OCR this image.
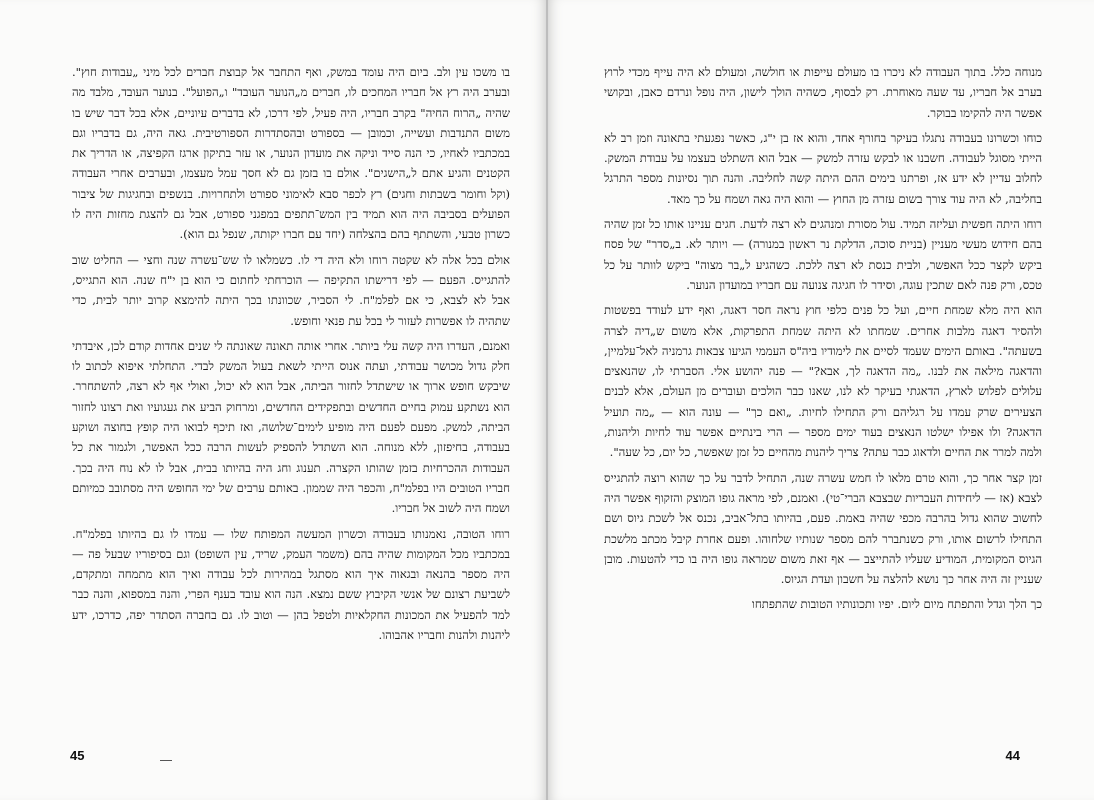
בו משכו עין ולב. ביום היה עומד במשק, ואף התחבר אל קבוצת חברים לכל מיני „עבודות חוץ". ובערב היה רץ אל חבריו המחכים לו, חברים מ„הנוער העובד" ו„הפועל". בנוער העובד, מלבד מה שהיה „הרוח החיה" בקרב חבריו, היה פעיל, לפי דרכו, לא בדברים עיוניים, אלא בכל דבר שיש בו משום התנדבות ועשייה, וכמובן — בספורט ובהסתדרות הספורטיבית. גאה היה, גם בדבריו וגם במכתביו לאחיו, כי הנה סייד וניקה את מועדון הנוער, או עזר בתיקון ארגז הקפיצה, או הדריך את הקטנים והגיע אתם ל„הישגים". אולם בו בזמן גם לא חסך עמל מעצמו, ובערבים אחרי העבודה (וקל וחומר בשבתות וחגים) רץ לכפר סבא לאימוני ספורט ולתחרויות. בנשפים ובחגיגות של ציבור הפועלים בסביבה היה הוא תמיד בין המש־תתפים במפגני ספורט, אבל גם להצגת מחזות היה לו כשרון טבעי, והשתתף בהם בהצלחה (יחד עם חברו יקותה, שנפל גם הוא).

אולם בכל אלה לא שקטה רוחו ולא היה די לו. כשמלאו לו שש־עשרה שנה וחצי — החליט שוב להתגייס. הפעם — לפי דרישתו התקיפה — הוכרחתי לחתום כי הוא בן י"ח שנה. הוא התגייס, אבל לא לצבא, כי אם לפלמ"ח. לי הסביר, שכוונתו בכך היתה להימצא קרוב יותר לבית, כדי שתהיה לו אפשרות לעזור לי בכל עת פנאי וחופש.

ואמנם, העדרו היה קשה עלי ביותר. אחרי אותה תאונה שאונתה לי שנים אחדות קודם לכן, איבדתי חלק גדול מכושר עבודתי, ועתה אנוס הייתי לשאת בעול המשק לבדי. התחלתי איפוא לכתוב לו שיבקש חופש ארוך או שישתדל לחזור הביתה, אבל הוא לא יכול, ואולי אף לא רצה, להשתחרר. הוא נשתקע עמוק בחיים החדשים ובתפקידים החדשים, ומרחוק הביע את געגועיו ואת רצונו לחזור הביתה, למשק. מפעם לפעם היה מופיע לימים־שלושה, ואז תיכף לבואו היה קופץ בחוצה ושוקע בעבודה, בחיפזון, ללא מנוחה. הוא השתדל להספיק לעשות הרבה ככל האפשר, ולגמור את כל העבודות ההכרחיות בזמן שהותו הקצרה. תענוג וחג היה בהיותו בבית, אבל לו לא נוח היה בכך. חבריו הטובים היו בפלמ"ח, והכפר היה שממון. באותם ערבים של ימי החופש היה מסתובב כמיותם ושמח היה לשוב אל חבריו.

רוחו הטובה, נאמנותו בעבודה וכשרון המעשה המפותח שלו — עמדו לו גם בהיותו בפלמ"ח. במכתביו מכל המקומות שהיה בהם (משמר העמק, שריד, עין השופט) וגם בסיפוריו שבעל פה — היה מספר בהנאה ובגאוה איך הוא מסתגל במהירות לכל עבודה ואיך הוא מתמחה ומתקדם, לשביעת רצונם של אנשי הקיבוץ ששם נמצא. הנה הוא עובד בענף הפרי, והנה במספוא, והנה כבר למד להפעיל את המכונות החקלאיות ולטפל בהן — וטוב לו. גם בחברה הסתדר יפה, כדרכו, ידע ליהנות ולהנות וחבריו אהבוהו.

45

מנוחה כלל. בתוך העבודה לא ניכרו בו מעולם עייפות או חולשה, ומעולם לא היה עייף מכדי לרוץ בערב אל חבריו, עד שעה מאוחרת. רק לבסוף, כשהיה הולך לישון, היה נופל ונרדם כאבן, ובקושי אפשר היה להקימו בבוקר.

כוחו וכשרונו בעבודה נתגלו בעיקר בחורף אחד, והוא אז בן י"ג, כאשר נפגעתי בתאונה וזמן רב לא הייתי מסוגל לעבודה. חשבנו או לבקש עזרה למשק — אבל הוא השתלט בעצמו על עבודת המשק. לחלוב עדיין לא ידע אז, ופרתנו בימים ההם היתה קשה לחליבה. והנה תוך נסיונות מספר התרגל בחליבה, לא היה עוד צורך בשום עזרה מן החוץ — והוא היה גאה ושמח על כך מאד.

רוחו היתה חפשית ועליזה תמיד. עול מסורת ומנהגים לא רצה לדעת. חגים עניינו אותו כל זמן שהיה בהם חידוש מעשי מעניין (בניית סוכה, הדלקת נר ראשון במנורה) — ויותר לא. ב„סדר" של פסח ביקש לקצר ככל האפשר, ולבית כנסת לא רצה ללכת. כשהגיע ל„בר מצוה" ביקש לוותר על כל טכס, ורק פנה לאם שתכין עוגה, וסידר לו חגיגה צנועה עם חבריו במועדון הנוער.

הוא היה מלא שמחת חיים, ועל כל פנים כלפי חוץ נראה חסר דאגה, ואף ידע לעודד בפשטות ולהסיר דאגה מלבות אחרים. שמחתו לא היתה שמחת התפרקות, אלא משום ש„דיה לצרה בשעתה". באותם הימים שעמד לסיים את לימודיו ביה"ס העממי הגיעו צבאות גרמניה לאל־עלמיין, והדאגה מילאה את לבנו. „מה הדאגה לך, אבא?" — פנה יהושע אלי. הסברתי לו, שהנאצים עלולים לפלוש לארץ, הדאגתי בעיקר לא לנו, שאנו כבר הולכים ועוברים מן העולם, אלא לבנים הצעירים שרק עמדו על רגליהם ורק התחילו לחיות. „ואם כך" — עונה הוא — „מה תועיל הדאגה? ולו אפילו ישלטו הנאצים בעוד ימים מספר — הרי בינתיים אפשר עוד לחיות וליהנות, ולמה למרר את החיים ולדאוג כבר עתה? צריך ליהנות מהחיים כל זמן שאפשר, כל יום, כל שעה".

זמן קצר אחר כך, והוא טרם מלאו לו חמש עשרה שנה, התחיל לדבר על כך שהוא רוצה להתגייס לצבא (אז — ליחידות העבריות שבצבא הברי־טי). ואמנם, לפי מראה גופו המוצק והזקוף אפשר היה לחשוב שהוא גדול בהרבה מכפי שהיה באמת. פעם, בהיותו בתל־אביב, נכנס אל לשכת גיוס ושם התחילו לרשום אותו, ורק כשנתברר להם מספר שנותיו שלחוהו. ופעם אחרת קיבל מכתב מלשכת הגיוס המקומית, המודיע שעליו להתייצב — אף זאת משום שמראה גופו היה בו כדי להטעות. מובן שעניין זה היה אחר כך נושא להלצה על חשבון ועדת הגיוס.

כך הלך וגדל והתפתח מיום ליום. יפיו ותכונותיו הטובות שהתפתחו

44
